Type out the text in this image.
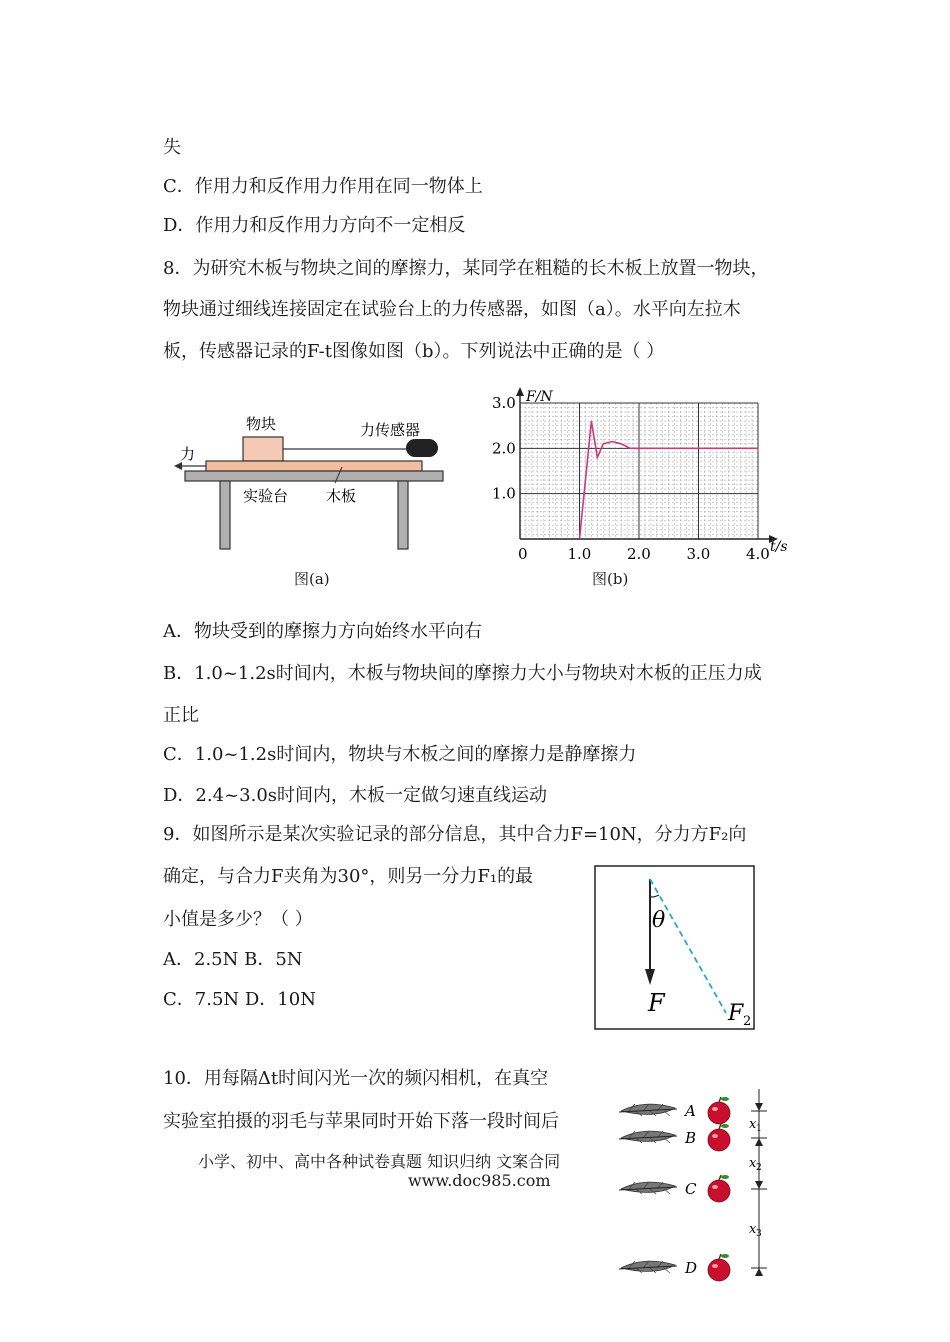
失
C．作用力和反作用力作用在同一物体上
D．作用力和反作用力方向不一定相反
8．为研究木板与物块之间的摩擦力，某同学在粗糙的长木板上放置一物块，
物块通过细线连接固定在试验台上的力传感器，如图（a）。水平向左拉木
板，传感器记录的F-t图像如图（b）。下列说法中正确的是（ ）
物块	力传感器
力
实验台	木板
图(a)
0	1.0 2.0 3.0 4.0
1.0
2.0
3.0 F/N
t/s
图(b)
A．物块受到的摩擦力方向始终水平向右
B．1.0~1.2s时间内，木板与物块间的摩擦力大小与物块对木板的正压力成
正比
C．1.0~1.2s时间内，物块与木板之间的摩擦力是静摩擦力
D．2.4~3.0s时间内，木板一定做匀速直线运动
9．如图所示是某次实验记录的部分信息，其中合力F=10N，分力方F₂向
确定，与合力F夹角为30°，则另一分力F₁的最
小值是多少？（ ）
A．2.5N B．5N
C．7.5N D．10N
θ
F	F 2
10．用每隔Δt时间闪光一次的频闪相机，在真空
实验室拍摄的羽毛与苹果同时开始下落一段时间后	A
B
C
D
x 1
x 2
x 3
小学、初中、高中各种试卷真题 知识归纳 文案合同
www.doc985.com
